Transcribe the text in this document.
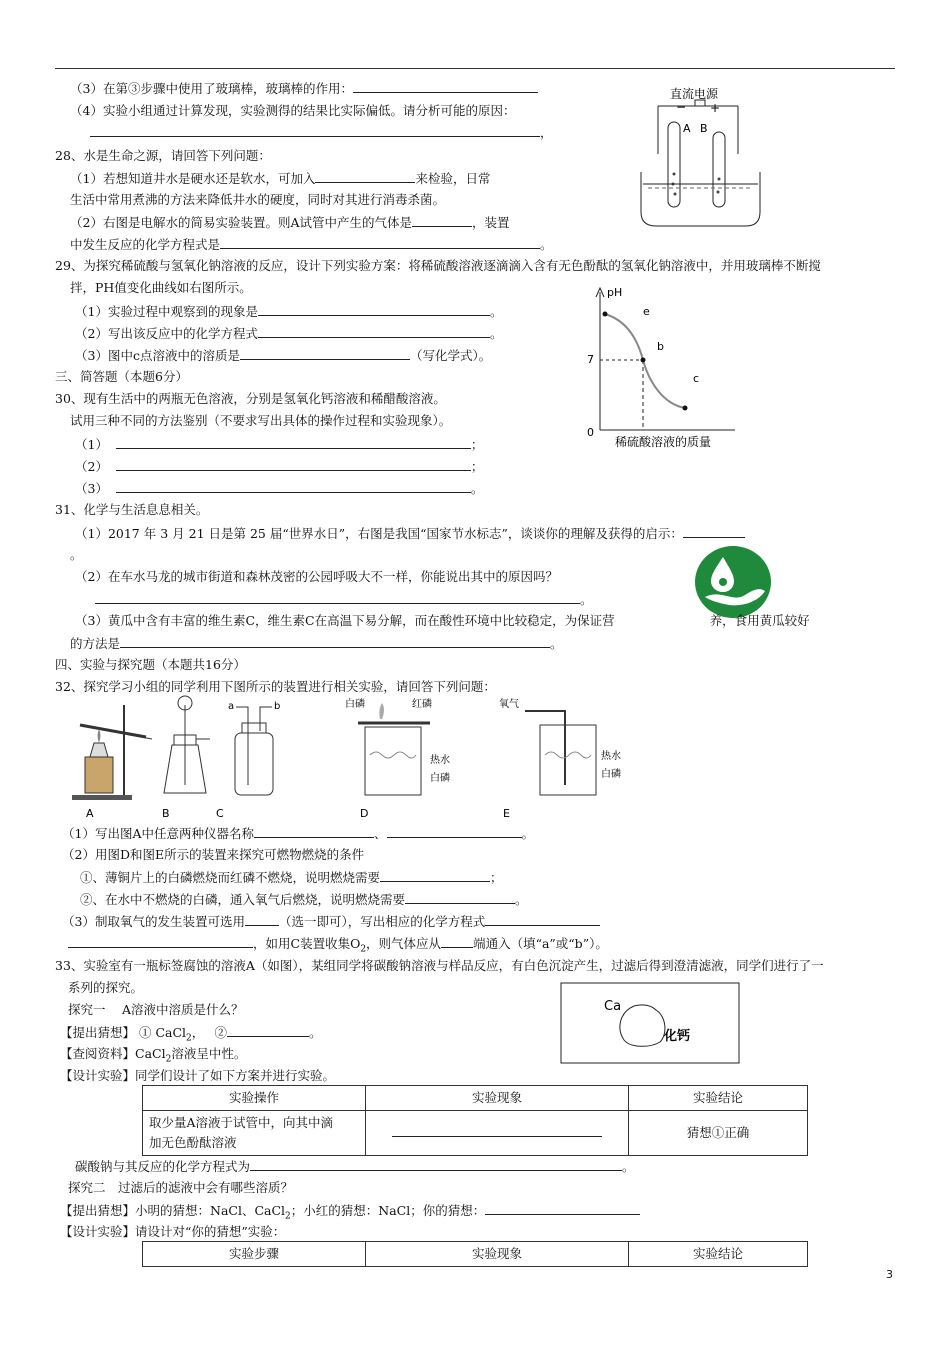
（3）在第③步骤中使用了玻璃棒，玻璃棒的作用：
（4）实验小组通过计算发现，实验测得的结果比实际偏低。请分析可能的原因：
，
28、水是生命之源，请回答下列问题：
（1）若想知道井水是硬水还是软水，可加入	来检验，日常
生活中常用煮沸的方法来降低井水的硬度，同时对其进行消毒杀菌。
（2）右图是电解水的简易实验装置。则A试管中产生的气体是	，装置
中发生反应的化学方程式是	。
直流电源
− +
A B
29、为探究稀硫酸与氢氧化钠溶液的反应，设计下列实验方案：将稀硫酸溶液逐滴滴入含有无色酚酞的氢氧化钠溶液中，并用玻璃棒不断搅
拌，PH值变化曲线如右图所示。
（1）实验过程中观察到的现象是	。
（2）写出该反应中的化学方程式	。
（3）图中c点溶液中的溶质是	（写化学式）。
pH
7
0
e
b
c
稀硫酸溶液的质量
三、简答题（本题6分）
30、现有生活中的两瓶无色溶液，分别是氢氧化钙溶液和稀醋酸溶液。
试用三种不同的方法鉴别（不要求写出具体的操作过程和实验现象）。
（1）	；
（2）	；
（3）	。
31、化学与生活息息相关。
（1）2017 年 3 月 21 日是第 25 届“世界水日”，右图是我国“国家节水标志”，谈谈你的理解及获得的启示：
。
（2）在车水马龙的城市街道和森林茂密的公园呼吸大不一样，你能说出其中的原因吗？
。
（3）黄瓜中含有丰富的维生素C，维生素C在高温下易分解，而在酸性环境中比较稳定，为保证营	养，食用黄瓜较好
的方法是	。
四、实验与探究题（本题共16分）
32、探究学习小组的同学利用下图所示的装置进行相关实验，请回答下列问题：
A	B
a	b
C
白磷	红磷
热水
白磷
D
氧气
热水
白磷
E
（1）写出图A中任意两种仪器名称	、	。
（2）用图D和图E所示的装置来探究可燃物燃烧的条件
①、薄铜片上的白磷燃烧而红磷不燃烧，说明燃烧需要	；
②、在水中不燃烧的白磷，通入氧气后燃烧，说明燃烧需要	。
（3）制取氧气的发生装置可选用	（选一即可），写出相应的化学方程式
，如用C装置收集$O_2$，则气体应从	端通入（填“a”或“b”）。
33、实验室有一瓶标签腐蚀的溶液A（如图），某组同学将碳酸钠溶液与样品反应，有白色沉淀产生，过滤后得到澄清滤液，同学们进行了一
系列的探究。
Ca
化钙
探究一　 A溶液中溶质是什么？
【提出猜想】 ① CaCl$_2$，　 ②	。
【查阅资料】CaCl$_2$溶液呈中性。
【设计实验】同学们设计了如下方案并进行实验。
实验操作	实验现象	实验结论
取少量A溶液于试管中，向其中滴
加无色酚酞溶液		猜想①正确
碳酸钠与其反应的化学方程式为	。
探究二　过滤后的滤液中会有哪些溶质？
【提出猜想】小明的猜想：NaCl、CaCl$_2$；小红的猜想：NaCl；你的猜想：
【设计实验】请设计对“你的猜想”实验：
实验步骤	实验现象	实验结论
3
